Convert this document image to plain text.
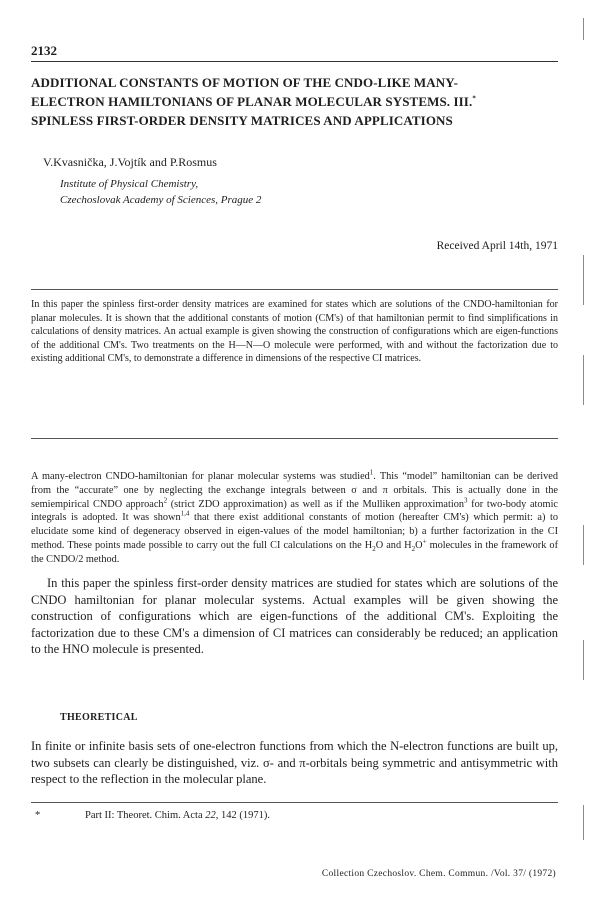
2132
ADDITIONAL CONSTANTS OF MOTION OF THE CNDO-LIKE MANY-
ELECTRON HAMILTONIANS OF PLANAR MOLECULAR SYSTEMS. III.*
SPINLESS FIRST-ORDER DENSITY MATRICES AND APPLICATIONS
V.Kvasnička, J.Vojtík and P.Rosmus
Institute of Physical Chemistry,
Czechoslovak Academy of Sciences, Prague 2
Received April 14th, 1971
In this paper the spinless first-order density matrices are examined for states which are solutions of the CNDO-hamiltonian for planar molecules. It is shown that the additional constants of motion (CM's) of that hamiltonian permit to find simplifications in calculations of density matrices. An actual example is given showing the construction of configurations which are eigen-functions of the additional CM's. Two treatments on the H—N—O molecule were performed, with and without the factorization due to existing additional CM's, to demonstrate a difference in dimensions of the respective CI matrices.
A many-electron CNDO-hamiltonian for planar molecular systems was studied$^1$. This “model” hamiltonian can be derived from the “accurate” one by neglecting the exchange integrals between σ and π orbitals. This is actually done in the semiempirical CNDO approach$^2$ (strict ZDO approximation) as well as if the Mulliken approximation$^3$ for two-body atomic integrals is adopted. It was shown$^{1,4}$ that there exist additional constants of motion (hereafter CM's) which permit: a) to elucidate some kind of degeneracy observed in eigen-values of the model hamiltonian; b) a further factorization in the CI method. These points made possible to carry out the full CI calculations on the $H_2O$ and $H_2O^+$ molecules in the framework of the CNDO/2 method.

In this paper the spinless first-order density matrices are studied for states which are solutions of the CNDO hamiltonian for planar molecular systems. Actual examples will be given showing the construction of configurations which are eigen-functions of the additional CM's. Exploiting the factorization due to these CM's a dimension of CI matrices can considerably be reduced; an application to the HNO molecule is presented.

THEORETICAL
In finite or infinite basis sets of one-electron functions from which the N-electron functions are built up, two subsets can clearly be distinguished, viz. σ- and π-orbitals being symmetric and antisymmetric with respect to the reflection in the molecular plane.
*	Part II: Theoret. Chim. Acta 22, 142 (1971).
Collection Czechoslov. Chem. Commun. /Vol. 37/ (1972)
